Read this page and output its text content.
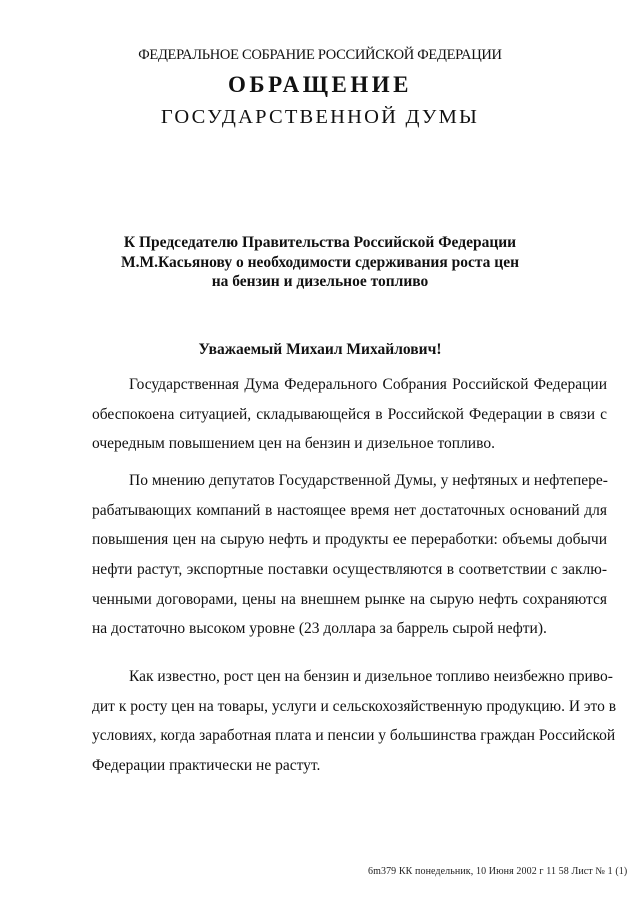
ФЕДЕРАЛЬНОЕ СОБРАНИЕ РОССИЙСКОЙ ФЕДЕРАЦИИ
ОБРАЩЕНИЕ
ГОСУДАРСТВЕННОЙ ДУМЫ
К Председателю Правительства Российской Федерации
М.М.Касьянову о необходимости сдерживания роста цен
на бензин и дизельное топливо
Уважаемый Михаил Михайлович!
Государственная Дума Федерального Собрания Российской Федерации
обеспокоена ситуацией, складывающейся в Российской Федерации в связи с
очередным повышением цен на бензин и дизельное топливо.
По мнению депутатов Государственной Думы, у нефтяных и нефтепере-
рабатывающих компаний в настоящее время нет достаточных оснований для
повышения цен на сырую нефть и продукты ее переработки: объемы добычи
нефти растут, экспортные поставки осуществляются в соответствии с заклю-
ченными договорами, цены на внешнем рынке на сырую нефть сохраняются
на достаточно высоком уровне (23 доллара за баррель сырой нефти).
Как известно, рост цен на бензин и дизельное топливо неизбежно приво-
дит к росту цен на товары, услуги и сельскохозяйственную продукцию. И это в
условиях, когда заработная плата и пенсии у большинства граждан Российской
Федерации практически не растут.
6m379 КК понедельник, 10 Июня 2002 г 11 58 Лист № 1 (1)
